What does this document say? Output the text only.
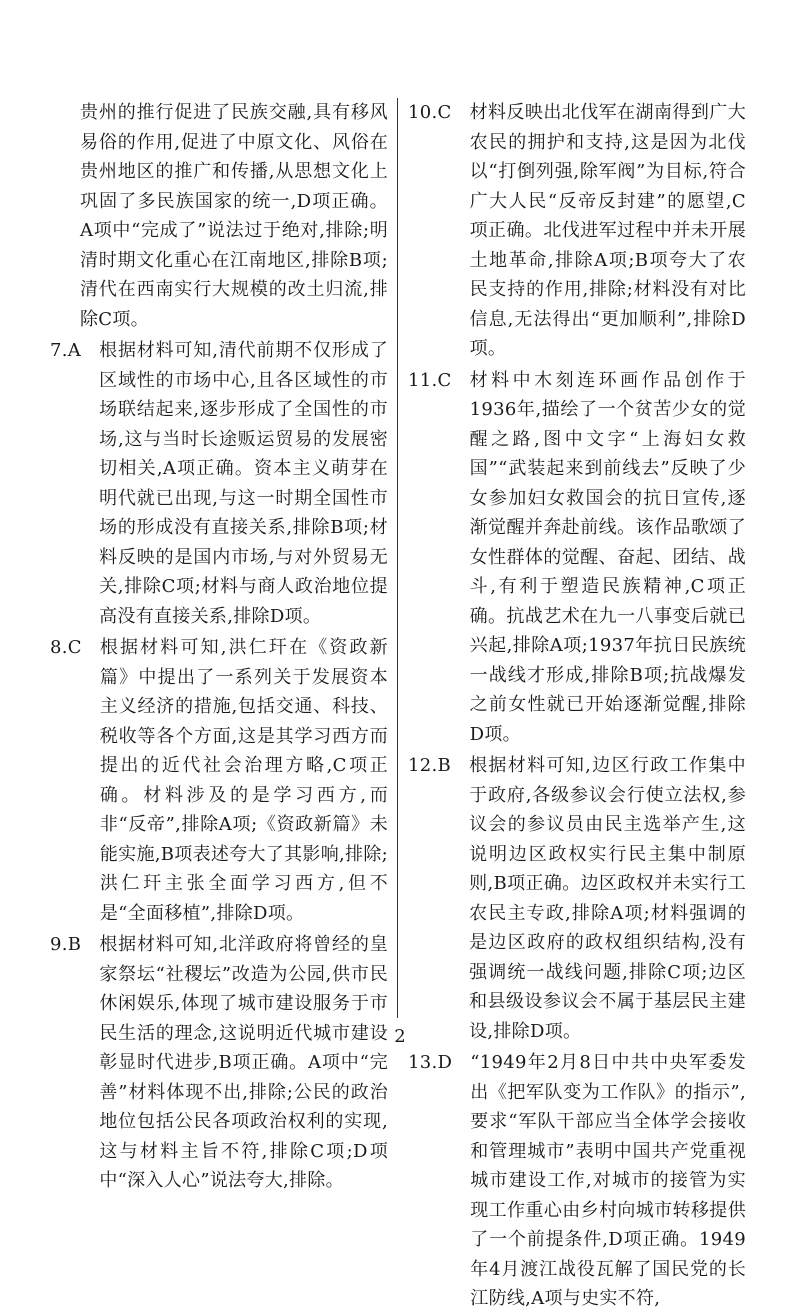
贵州的推行促进了民族交融,具有移风易俗的作用,促进了中原文化、风俗在贵州地区的推广和传播,从思想文化上巩固了多民族国家的统一,D项正确。A项中“完成了”说法过于绝对,排除;明清时期文化重心在江南地区,排除B项;清代在西南实行大规模的改土归流,排除C项。

7.A	根据材料可知,清代前期不仅形成了区域性的市场中心,且各区域性的市场联结起来,逐步形成了全国性的市场,这与当时长途贩运贸易的发展密切相关,A项正确。资本主义萌芽在明代就已出现,与这一时期全国性市场的形成没有直接关系,排除B项;材料反映的是国内市场,与对外贸易无关,排除C项;材料与商人政治地位提高没有直接关系,排除D项。
8.C	根据材料可知,洪仁玕在《资政新篇》中提出了一系列关于发展资本主义经济的措施,包括交通、科技、税收等各个方面,这是其学习西方而提出的近代社会治理方略,C项正确。材料涉及的是学习西方,而非“反帝”,排除A项;《资政新篇》未能实施,B项表述夸大了其影响,排除;洪仁玕主张全面学习西方,但不是“全面移植”,排除D项。
9.B	根据材料可知,北洋政府将曾经的皇家祭坛“社稷坛”改造为公园,供市民休闲娱乐,体现了城市建设服务于市民生活的理念,这说明近代城市建设彰显时代进步,B项正确。A项中“完善”材料体现不出,排除;公民的政治地位包括公民各项政治权利的实现,这与材料主旨不符,排除C项;D项中“深入人心”说法夸大,排除。
10.C	材料反映出北伐军在湖南得到广大农民的拥护和支持,这是因为北伐以“打倒列强,除军阀”为目标,符合广大人民“反帝反封建”的愿望,C项正确。北伐进军过程中并未开展土地革命,排除A项;B项夸大了农民支持的作用,排除;材料没有对比信息,无法得出“更加顺利”,排除D项。
11.C	材料中木刻连环画作品创作于1936年,描绘了一个贫苦少女的觉醒之路,图中文字“上海妇女救国”“武装起来到前线去”反映了少女参加妇女救国会的抗日宣传,逐渐觉醒并奔赴前线。该作品歌颂了女性群体的觉醒、奋起、团结、战斗,有利于塑造民族精神,C项正确。抗战艺术在九一八事变后就已兴起,排除A项;1937年抗日民族统一战线才形成,排除B项;抗战爆发之前女性就已开始逐渐觉醒,排除D项。
12.B	根据材料可知,边区行政工作集中于政府,各级参议会行使立法权,参议会的参议员由民主选举产生,这说明边区政权实行民主集中制原则,B项正确。边区政权并未实行工农民主专政,排除A项;材料强调的是边区政府的政权组织结构,没有强调统一战线问题,排除C项;边区和县级设参议会不属于基层民主建设,排除D项。
13.D	“1949年2月8日中共中央军委发出《把军队变为工作队》的指示”,要求“军队干部应当全体学会接收和管理城市”表明中国共产党重视城市建设工作,对城市的接管为实现工作重心由乡村向城市转移提供了一个前提条件,D项正确。1949年4月渡江战役瓦解了国民党的长江防线,A项与史实不符,
2
